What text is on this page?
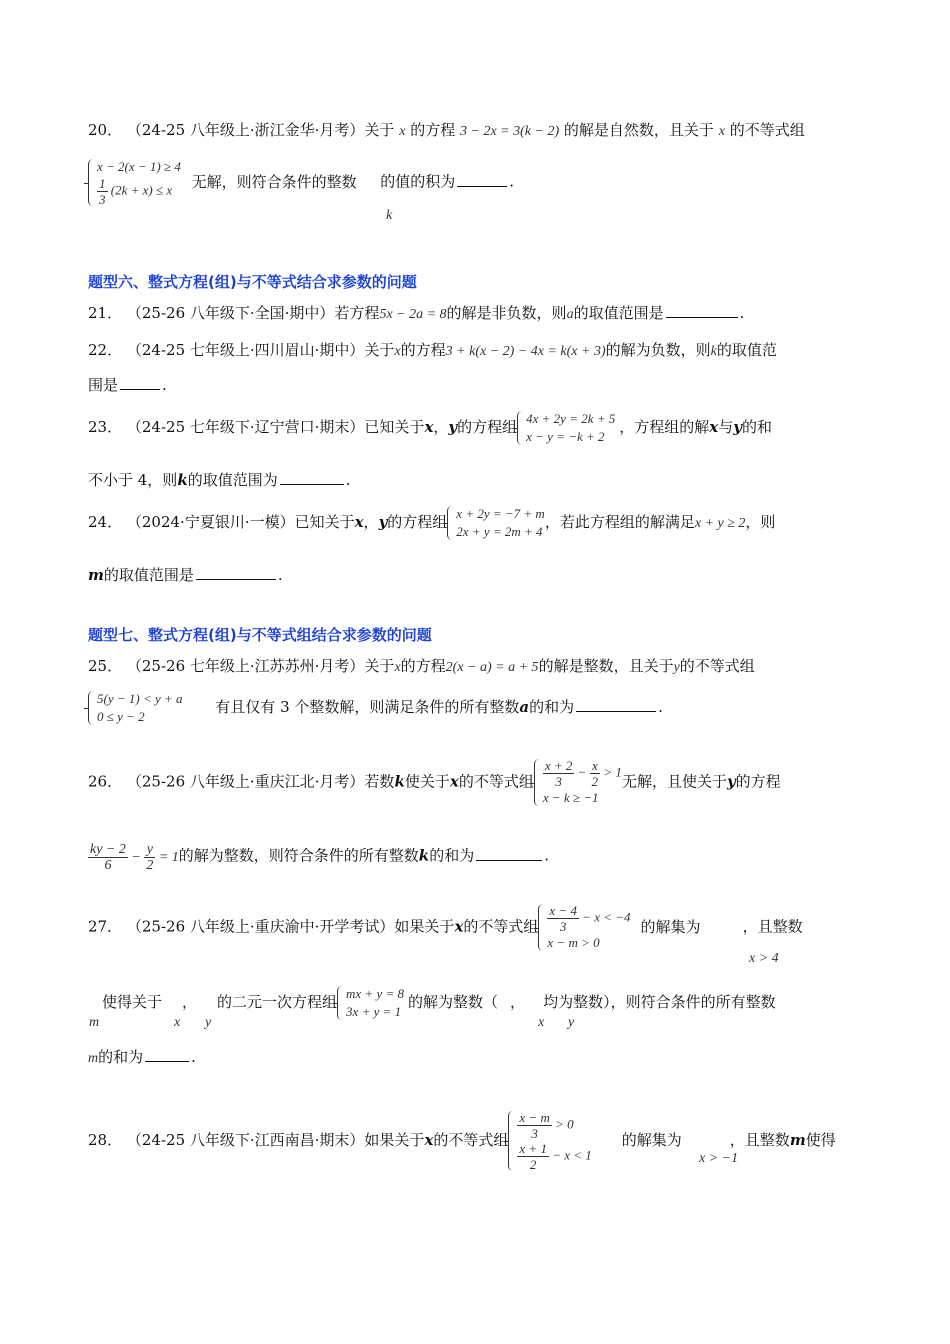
20． （24-25 八年级上·浙江金华·月考）关于 x 的方程 3 − 2x = 3(k − 2) 的解是自然数，且关于 x 的不等式组
x − 2(x − 1) ≥ 4
$\frac{1}{3} (2k + x) \le x$	无解，则符合条件的整数 的值的积为	.
k
题型六、整式方程(组)与不等式结合求参数的问题
21． （25-26 八年级下·全国·期中）若方程5x − 2a = 8的解是非负数，则a的取值范围是	.
22． （24-25 七年级上·四川眉山·期中）关于x的方程3 + k(x − 2) − 4x = k(x + 3)的解为负数，则k的取值范
围是	.
23． （24-25 七年级下·辽宁营口·期末）已知关于x，y的方程组 4x + 2y = 2k + 5
x − y = −k + 2
，方程组的解x与y的和
不小于 4，则k的取值范围为	.
24． （2024·宁夏银川·一模）已知关于x，y的方程组 x + 2y = −7 + m
2x + y = 2m + 4
，若此方程组的解满足x + y ≥ 2，则
m的取值范围是	.
题型七、整式方程(组)与不等式组结合求参数的问题
25． （25-26 七年级上·江苏苏州·月考）关于x的方程2(x − a) = a + 5的解是整数，且关于y的不等式组
5(y − 1) < y + a
0 ≤ y − 2
有且仅有 3 个整数解，则满足条件的所有整数a的和为	.
26． （25-26 八年级上·重庆江北·月考）若数k使关于x的不等式组 $\frac{x + 2}{3} - \frac{x}{2} > 1$
x − k ≥ −1
无解，且使关于y的方程
$\frac{ky - 2}{6} - \frac{y}{2} = 1$的解为整数，则符合条件的所有整数k的和为	.
27． （25-26 八年级上·重庆渝中·开学考试）如果关于x的不等式组 $\frac{x - 4}{3} - x < -4$
x − m > 0
的解集为	，且整数
x > 4
使得关于 ， 的二元一次方程组 mx + y = 8
3x + y = 1
的解为整数（ ， 均为整数），则符合条件的所有整数
m	x y	x y
m的和为	.
28． （24-25 八年级下·江西南昌·期末）如果关于x的不等式组 $\frac{x - m}{3} > 0$
$\frac{x + 1}{2} - x < 1$
的解集为	，且整数m使得
x > −1
